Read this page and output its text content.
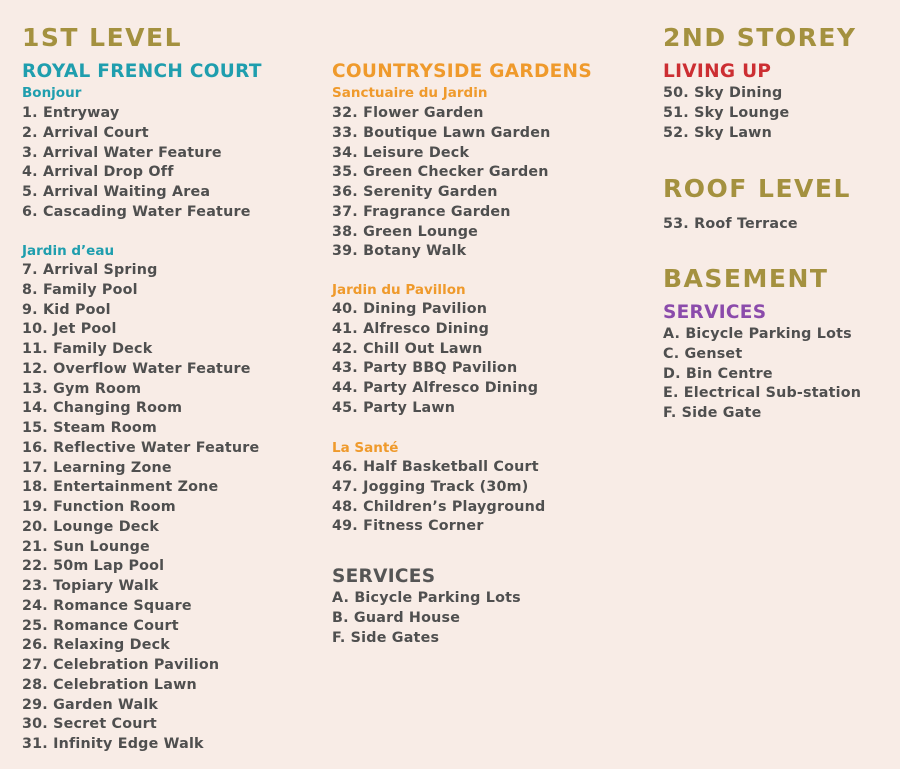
1ST LEVEL
ROYAL FRENCH COURT
Bonjour
1. Entryway
2. Arrival Court
3. Arrival Water Feature
4. Arrival Drop Off
5. Arrival Waiting Area
6. Cascading Water Feature
Jardin d’eau
7. Arrival Spring
8. Family Pool
9. Kid Pool
10. Jet Pool
11. Family Deck
12. Overflow Water Feature
13. Gym Room
14. Changing Room
15. Steam Room
16. Reflective Water Feature
17. Learning Zone
18. Entertainment Zone
19. Function Room
20. Lounge Deck
21. Sun Lounge
22. 50m Lap Pool
23. Topiary Walk
24. Romance Square
25. Romance Court
26. Relaxing Deck
27. Celebration Pavilion
28. Celebration Lawn
29. Garden Walk
30. Secret Court
31. Infinity Edge Walk
COUNTRYSIDE GARDENS
Sanctuaire du Jardin
32. Flower Garden
33. Boutique Lawn Garden
34. Leisure Deck
35. Green Checker Garden
36. Serenity Garden
37. Fragrance Garden
38. Green Lounge
39. Botany Walk
Jardin du Pavillon
40. Dining Pavilion
41. Alfresco Dining
42. Chill Out Lawn
43. Party BBQ Pavilion
44. Party Alfresco Dining
45. Party Lawn
La Santé
46. Half Basketball Court
47. Jogging Track (30m)
48. Children’s Playground
49. Fitness Corner
SERVICES
A. Bicycle Parking Lots
B. Guard House
F. Side Gates
2ND STOREY
LIVING UP
50. Sky Dining
51. Sky Lounge
52. Sky Lawn
ROOF LEVEL
53. Roof Terrace
BASEMENT
SERVICES
A. Bicycle Parking Lots
C. Genset
D. Bin Centre
E. Electrical Sub-station
F. Side Gate
